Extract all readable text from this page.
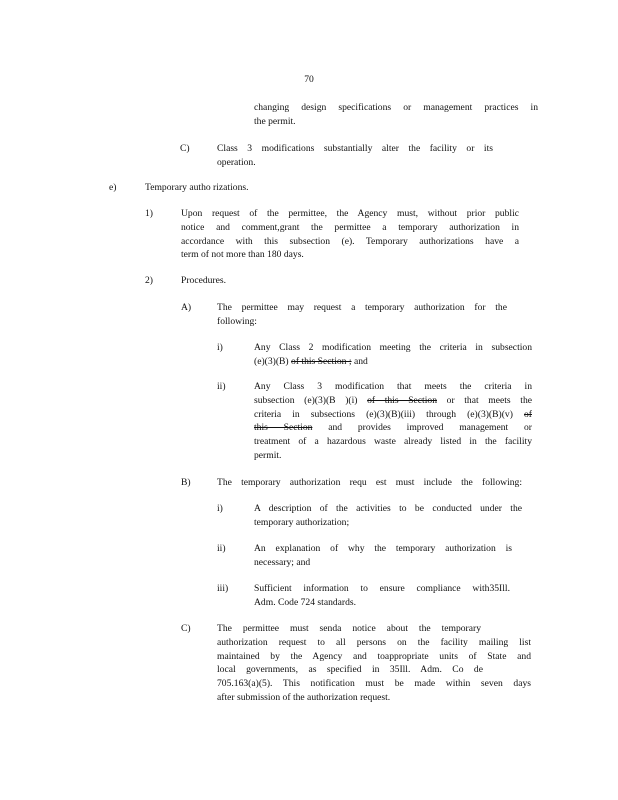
70
changing design specifications or management practices in
the permit.
C)	Class 3 modifications substantially alter the facility or its
operation.
e)	Temporary autho rizations.
1)	Upon request of the permittee, the Agency must, without prior public
notice and comment,grant the permittee a temporary authorization in
accordance with this subsection (e). Temporary authorizations have a
term of not more than 180 days.
2)	Procedures.
A)	The permittee may request a temporary authorization for the
following:
i)	Any Class 2 modification meeting the criteria in subsection
(e)(3)(B) of this Section ; and
ii)	Any Class 3 modification that meets the criteria in
subsection (e)(3)(B )(i) of this Section or that meets the
criteria in subsections (e)(3)(B)(iii) through (e)(3)(B)(v) of
this Section and provides improved management or
treatment of a hazardous waste already listed in the facility
permit.
B)	The temporary authorization requ est must include the following:
i)	A description of the activities to be conducted under the
temporary authorization;
ii)	An explanation of why the temporary authorization is
necessary; and
iii)	Sufficient information to ensure compliance with35Ill.
Adm. Code 724 standards.
C)	The permittee must senda notice about the temporary
authorization request to all persons on the facility mailing list
maintained by the Agency and toappropriate units of State and
local governments, as specified in 35Ill. Adm. Co de
705.163(a)(5). This notification must be made within seven days
after submission of the authorization request.
